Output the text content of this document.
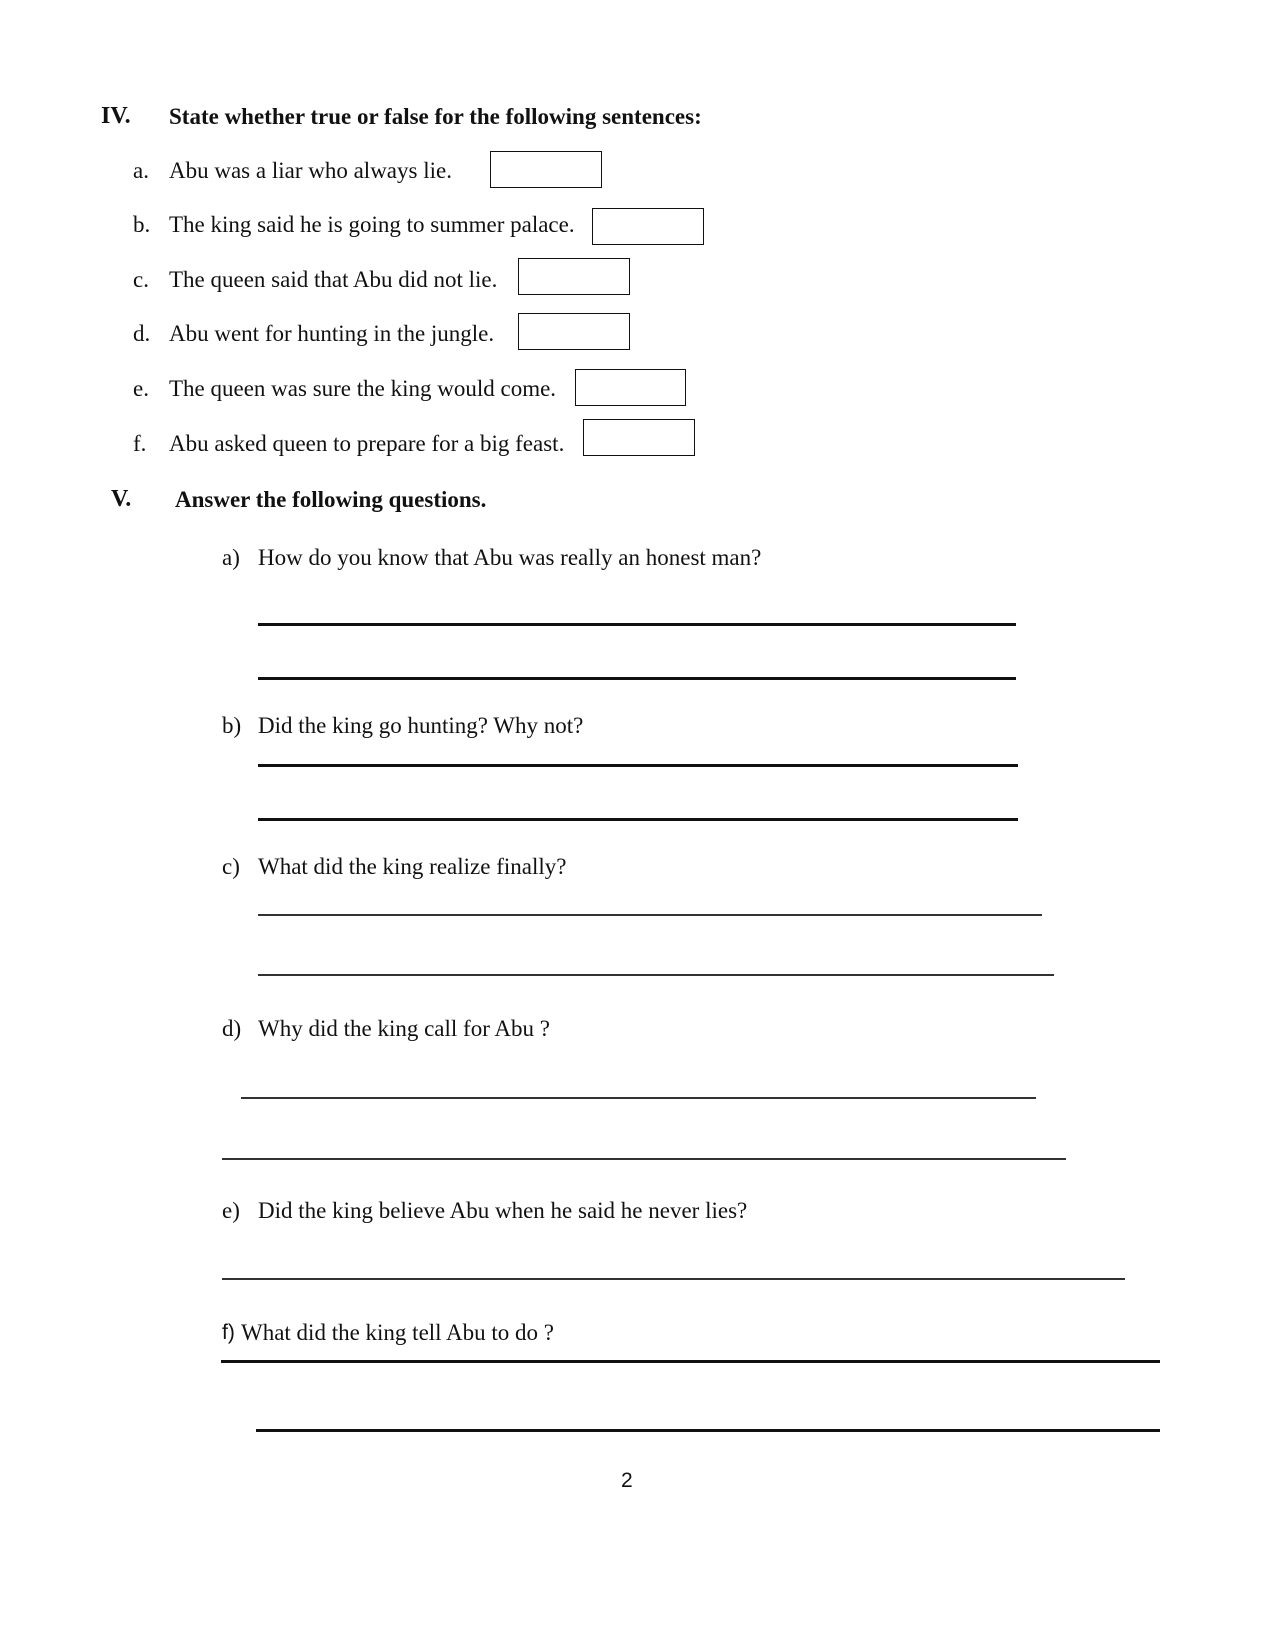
IV. State whether true or false for the following sentences:
a. Abu was a liar who always lie.
b. The king said he is going to summer palace.
c. The queen said that Abu did not lie.
d. Abu went for hunting in the jungle.
e. The queen was sure the king would come.
f. Abu asked queen to prepare for a big feast.
V. Answer the following questions.
a) How do you know that Abu was really an honest man?
b) Did the king go hunting? Why not?
c) What did the king realize finally?
d) Why did the king call for Abu ?
e) Did the king believe Abu when he said he never lies?
f) What did the king tell Abu to do ?
2
